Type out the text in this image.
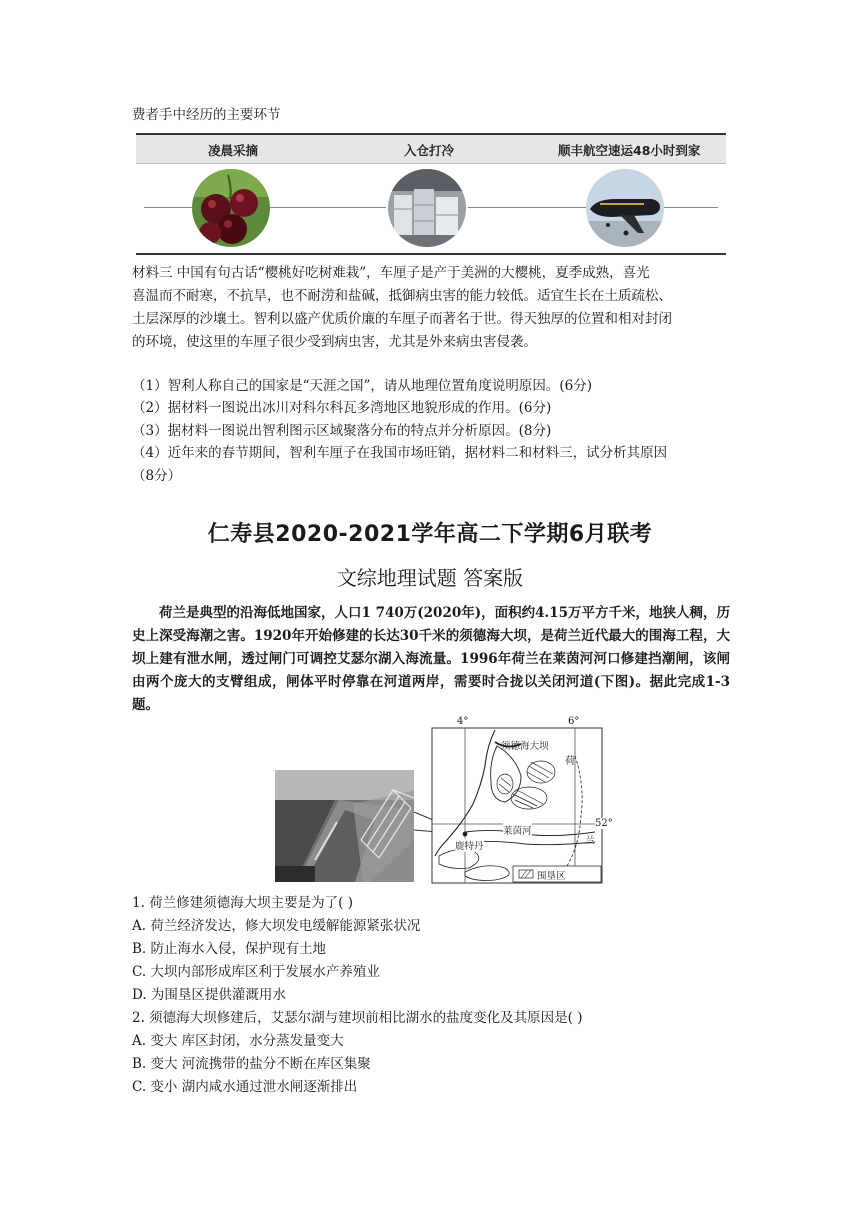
费者手中经历的主要环节
凌晨采摘	入仓打冷	顺丰航空速运48小时到家
材料三 中国有句古话“樱桃好吃树难栽”，车厘子是产于美洲的大樱桃，夏季成熟，喜光
喜温而不耐寒，不抗旱，也不耐涝和盐碱，抵御病虫害的能力较低。适宜生长在土质疏松、
土层深厚的沙壤土。智利以盛产优质价廉的车厘子而著名于世。得天独厚的位置和相对封闭
的环境，使这里的车厘子很少受到病虫害，尤其是外来病虫害侵袭。
（1）智利人称自己的国家是“天涯之国”，请从地理位置角度说明原因。(6分)
（2）据材料一图说出冰川对科尔科瓦多湾地区地貌形成的作用。(6分)
（3）据材料一图说出智利图示区域聚落分布的特点并分析原因。(8分)
（4）近年来的春节期间，智利车厘子在我国市场旺销，据材料二和材料三，试分析其原因
（8分）
仁寿县2020-2021学年高二下学期6月联考
文综地理试题 答案版
荷兰是典型的沿海低地国家，人口1 740万(2020年)，面积约4.15万平方千米，地狭人稠，历史上深受海潮之害。1920年开始修建的长达30千米的须德海大坝，是荷兰近代最大的围海工程，大坝上建有泄水闸，透过闸门可调控艾瑟尔湖入海流量。1996年荷兰在莱茵河河口修建挡潮闸，该闸由两个庞大的支臂组成，闸体平时停靠在河道两岸，需要时合拢以关闭河道(下图)。据此完成1-3题。
4°	6°
52°
须德海大坝
荷
兰
鹿特丹
莱茵河
围垦区
1. 荷兰修建须德海大坝主要是为了( )
A. 荷兰经济发达，修大坝发电缓解能源紧张状况
B. 防止海水入侵，保护现有土地
C. 大坝内部形成库区利于发展水产养殖业
D. 为围垦区提供灌溉用水
2. 须德海大坝修建后，艾瑟尔湖与建坝前相比湖水的盐度变化及其原因是( )
A. 变大 库区封闭，水分蒸发量变大
B. 变大 河流携带的盐分不断在库区集聚
C. 变小 湖内咸水通过泄水闸逐渐排出
